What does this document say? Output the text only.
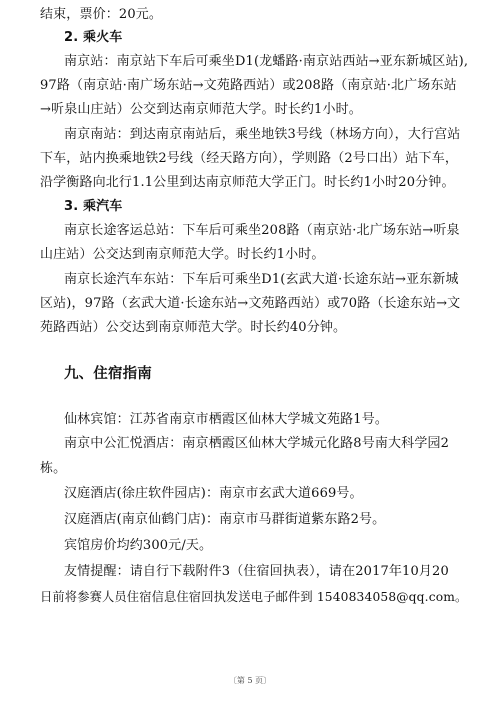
结束，票价：20元。
2. 乘火车
南京站：南京站下车后可乘坐D1(龙蟠路·南京站西站→亚东新城区站),
97路（南京站·南广场东站→文苑路西站）或208路（南京站·北广场东站
→听泉山庄站）公交到达南京师范大学。时长约1小时。
南京南站：到达南京南站后，乘坐地铁3号线（林场方向），大行宫站
下车，站内换乘地铁2号线（经天路方向），学则路（2号口出）站下车，
沿学衡路向北行1.1公里到达南京师范大学正门。时长约1小时20分钟。
3. 乘汽车
南京长途客运总站：下车后可乘坐208路（南京站·北广场东站→听泉
山庄站）公交达到南京师范大学。时长约1小时。
南京长途汽车东站：下车后可乘坐D1(玄武大道·长途东站→亚东新城
区站)，97路（玄武大道·长途东站→文苑路西站）或70路（长途东站→文
苑路西站）公交达到南京师范大学。时长约40分钟。
九、住宿指南
仙林宾馆：江苏省南京市栖霞区仙林大学城文苑路1号。
南京中公汇悦酒店：南京栖霞区仙林大学城元化路8号南大科学园2
栋。
汉庭酒店(徐庄软件园店)：南京市玄武大道669号。
汉庭酒店(南京仙鹤门店)：南京市马群街道紫东路2号。
宾馆房价均约300元/天。
友情提醒：请自行下载附件3（住宿回执表），请在2017年10月20
日前将参赛人员住宿信息住宿回执发送电子邮件到 1540834058@qq.com。
〔第 5 页〕
